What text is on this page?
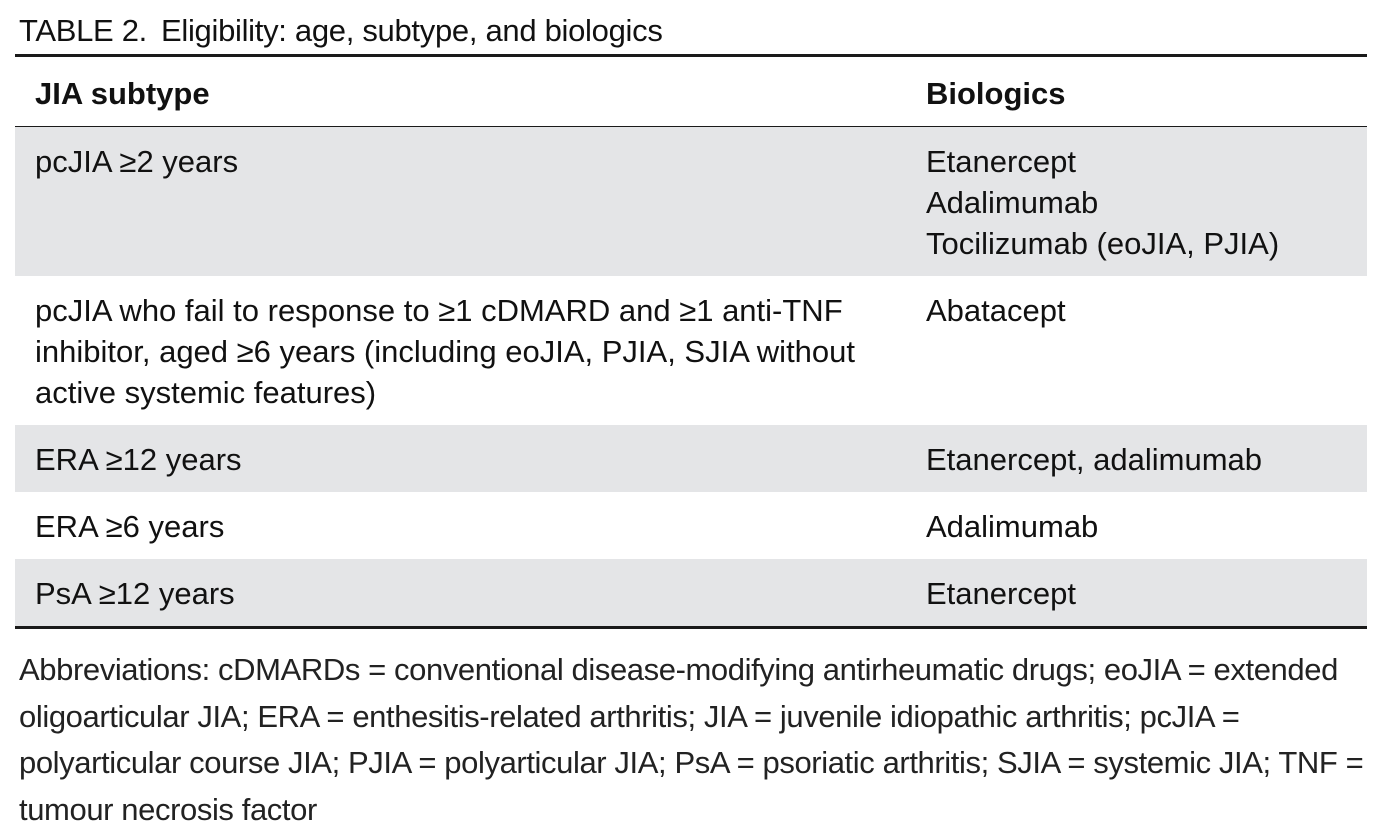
TABLE 2. Eligibility: age, subtype, and biologics

JIA subtype	Biologics
pcJIA ≥2 years	Etanercept
Adalimumab
Tocilizumab (eoJIA, PJIA)

pcJIA who fail to response to ≥1 cDMARD and ≥1 anti-TNF inhibitor, aged ≥6 years (including eoJIA, PJIA, SJIA without active systemic features)	Abatacept

ERA ≥12 years	Etanercept, adalimumab

ERA ≥6 years	Adalimumab

PsA ≥12 years	Etanercept

Abbreviations: cDMARDs = conventional disease-modifying antirheumatic drugs; eoJIA = extended oligoarticular JIA; ERA = enthesitis-related arthritis; JIA = juvenile idiopathic arthritis; pcJIA = polyarticular course JIA; PJIA = polyarticular JIA; PsA = psoriatic arthritis; SJIA = systemic JIA; TNF = tumour necrosis factor
